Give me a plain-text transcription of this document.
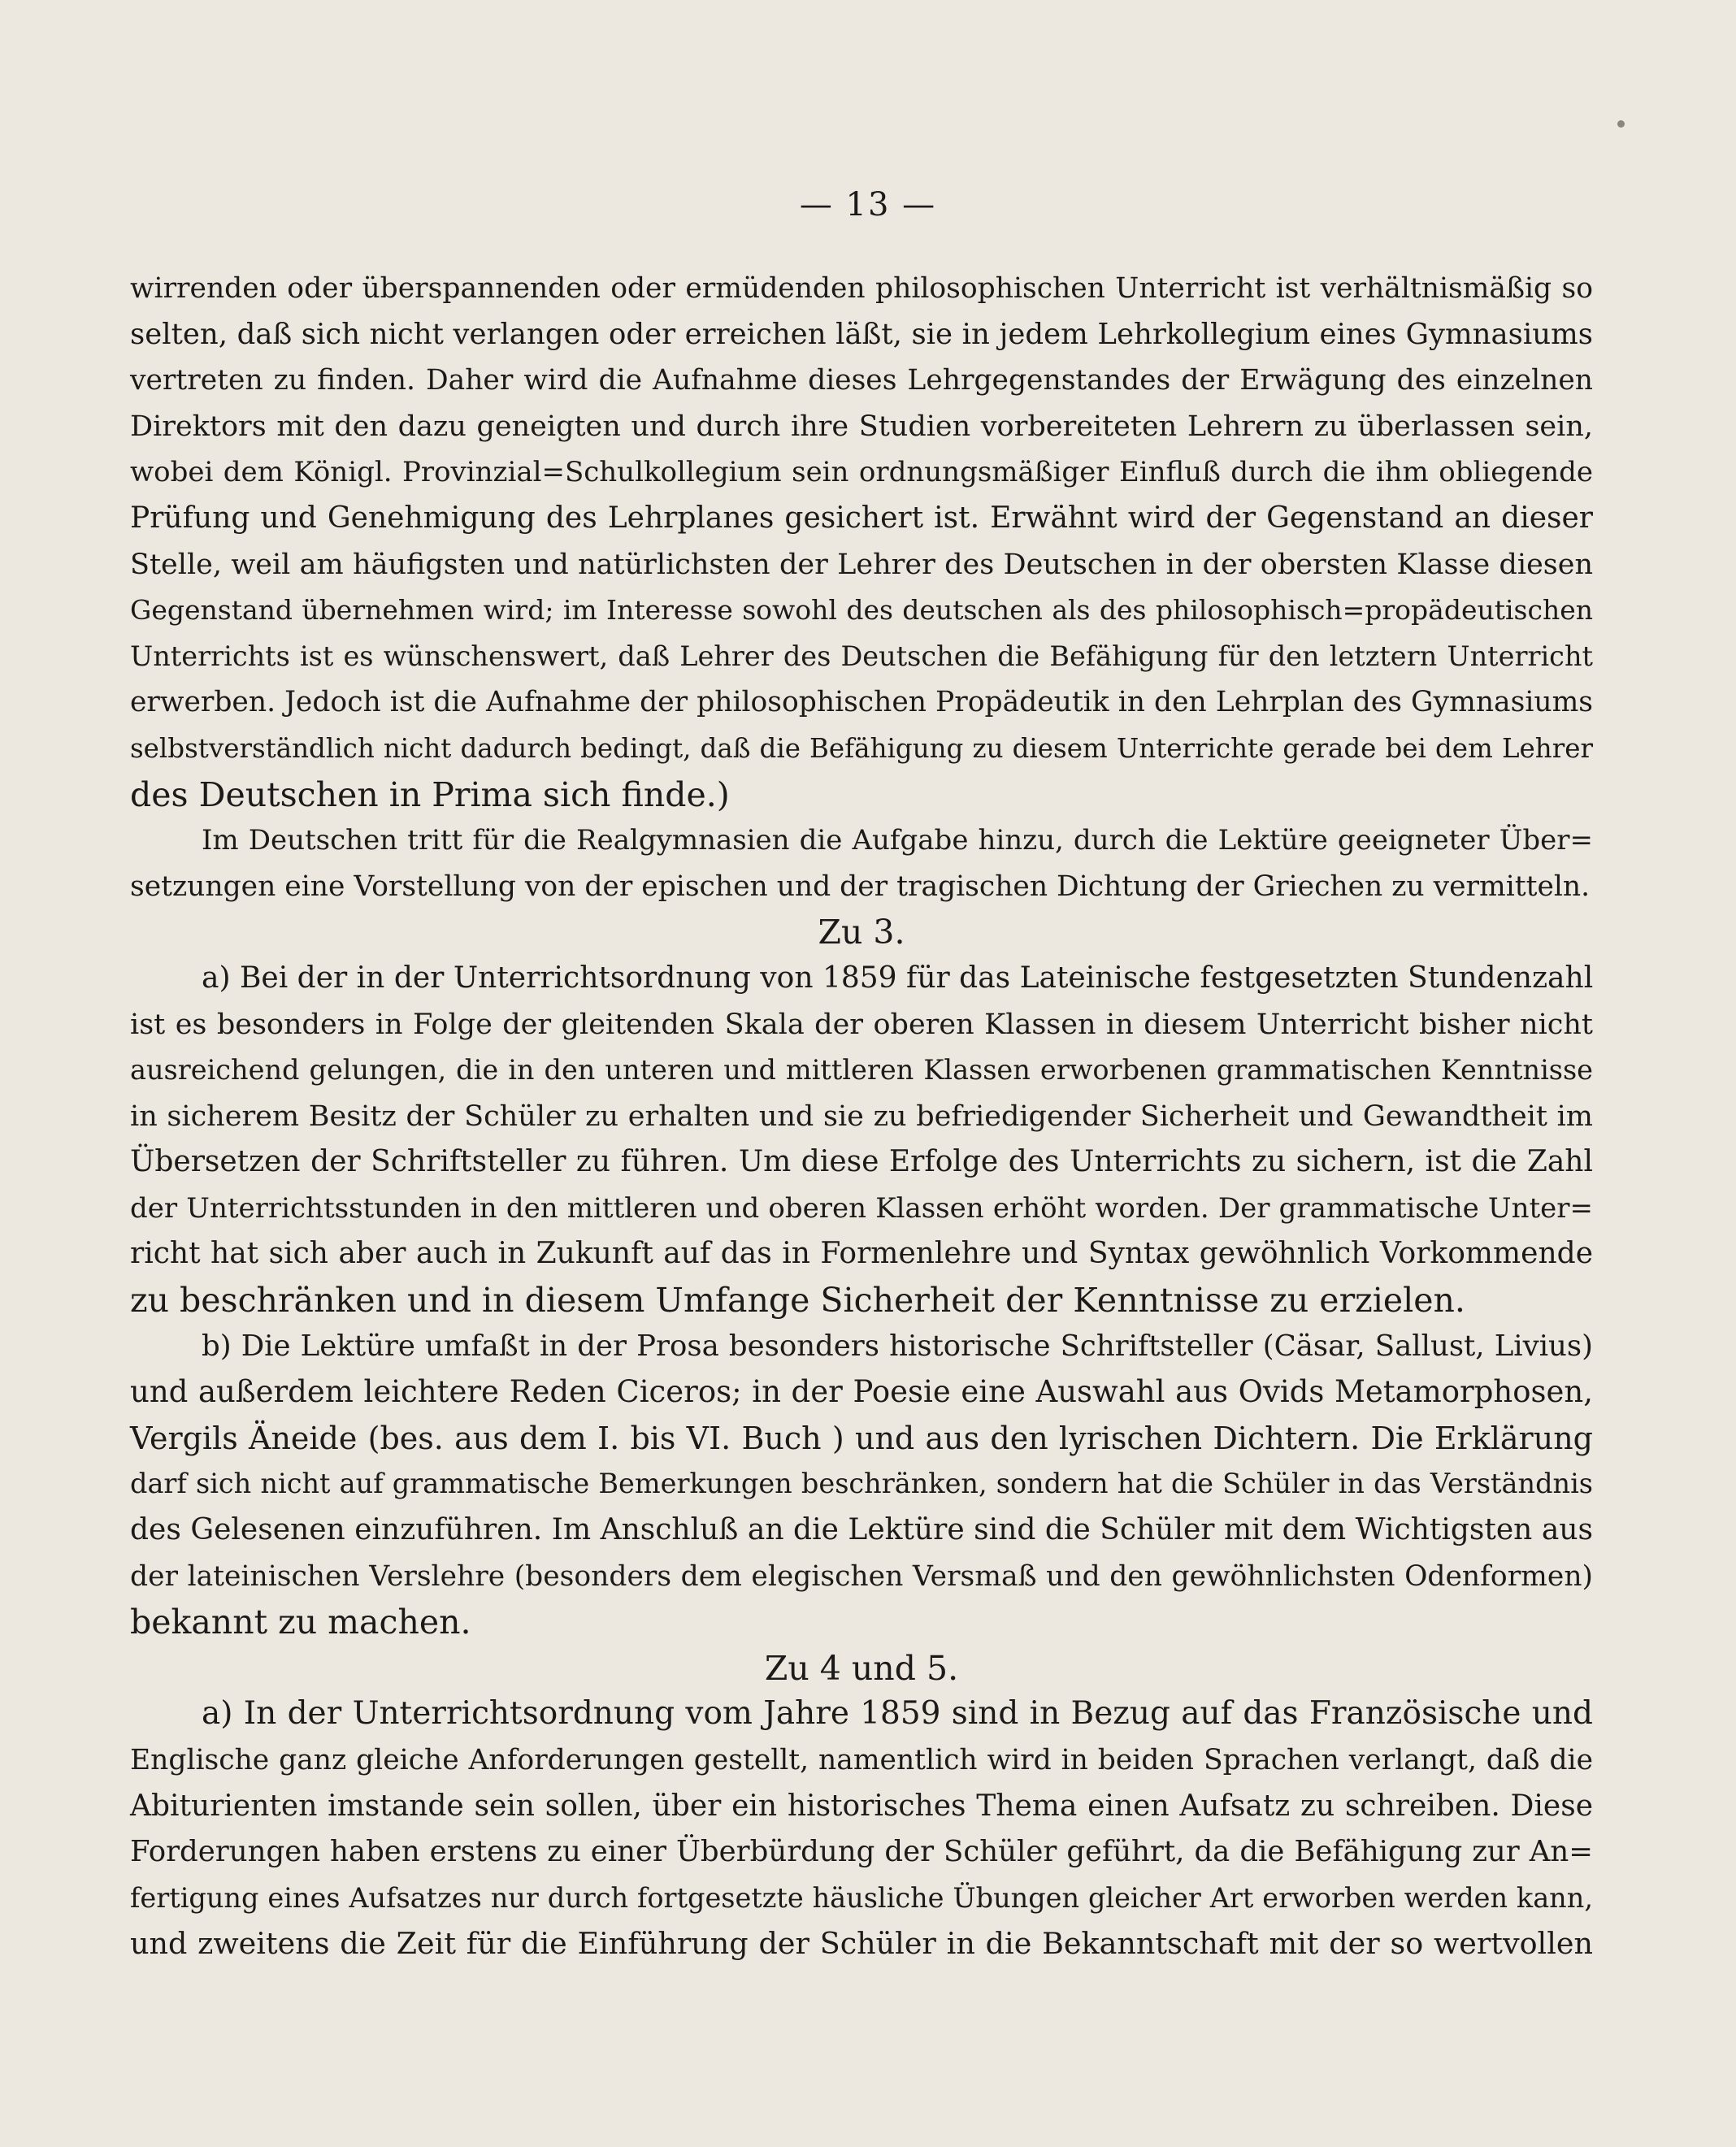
— 13 —
wirrenden oder überspannenden oder ermüdenden philosophischen Unterricht ist verhältnismäßig so
selten, daß sich nicht verlangen oder erreichen läßt, sie in jedem Lehrkollegium eines Gymnasiums
vertreten zu finden. Daher wird die Aufnahme dieses Lehrgegenstandes der Erwägung des einzelnen
Direktors mit den dazu geneigten und durch ihre Studien vorbereiteten Lehrern zu überlassen sein,
wobei dem Königl. Provinzial=Schulkollegium sein ordnungsmäßiger Einfluß durch die ihm obliegende
Prüfung und Genehmigung des Lehrplanes gesichert ist. Erwähnt wird der Gegenstand an dieser
Stelle, weil am häufigsten und natürlichsten der Lehrer des Deutschen in der obersten Klasse diesen
Gegenstand übernehmen wird; im Interesse sowohl des deutschen als des philosophisch=propädeutischen
Unterrichts ist es wünschenswert, daß Lehrer des Deutschen die Befähigung für den letztern Unterricht
erwerben. Jedoch ist die Aufnahme der philosophischen Propädeutik in den Lehrplan des Gymnasiums
selbstverständlich nicht dadurch bedingt, daß die Befähigung zu diesem Unterrichte gerade bei dem Lehrer
des Deutschen in Prima sich finde.)
Im Deutschen tritt für die Realgymnasien die Aufgabe hinzu, durch die Lektüre geeigneter Über=
setzungen eine Vorstellung von der epischen und der tragischen Dichtung der Griechen zu vermitteln.
Zu 3.
a) Bei der in der Unterrichtsordnung von 1859 für das Lateinische festgesetzten Stundenzahl
ist es besonders in Folge der gleitenden Skala der oberen Klassen in diesem Unterricht bisher nicht
ausreichend gelungen, die in den unteren und mittleren Klassen erworbenen grammatischen Kenntnisse
in sicherem Besitz der Schüler zu erhalten und sie zu befriedigender Sicherheit und Gewandtheit im
Übersetzen der Schriftsteller zu führen. Um diese Erfolge des Unterrichts zu sichern, ist die Zahl
der Unterrichtsstunden in den mittleren und oberen Klassen erhöht worden. Der grammatische Unter=
richt hat sich aber auch in Zukunft auf das in Formenlehre und Syntax gewöhnlich Vorkommende
zu beschränken und in diesem Umfange Sicherheit der Kenntnisse zu erzielen.
b) Die Lektüre umfaßt in der Prosa besonders historische Schriftsteller (Cäsar, Sallust, Livius)
und außerdem leichtere Reden Ciceros; in der Poesie eine Auswahl aus Ovids Metamorphosen,
Vergils Äneide (bes. aus dem I. bis VI. Buch ) und aus den lyrischen Dichtern. Die Erklärung
darf sich nicht auf grammatische Bemerkungen beschränken, sondern hat die Schüler in das Verständnis
des Gelesenen einzuführen. Im Anschluß an die Lektüre sind die Schüler mit dem Wichtigsten aus
der lateinischen Verslehre (besonders dem elegischen Versmaß und den gewöhnlichsten Odenformen)
bekannt zu machen.
Zu 4 und 5.
a) In der Unterrichtsordnung vom Jahre 1859 sind in Bezug auf das Französische und
Englische ganz gleiche Anforderungen gestellt, namentlich wird in beiden Sprachen verlangt, daß die
Abiturienten imstande sein sollen, über ein historisches Thema einen Aufsatz zu schreiben. Diese
Forderungen haben erstens zu einer Überbürdung der Schüler geführt, da die Befähigung zur An=
fertigung eines Aufsatzes nur durch fortgesetzte häusliche Übungen gleicher Art erworben werden kann,
und zweitens die Zeit für die Einführung der Schüler in die Bekanntschaft mit der so wertvollen
